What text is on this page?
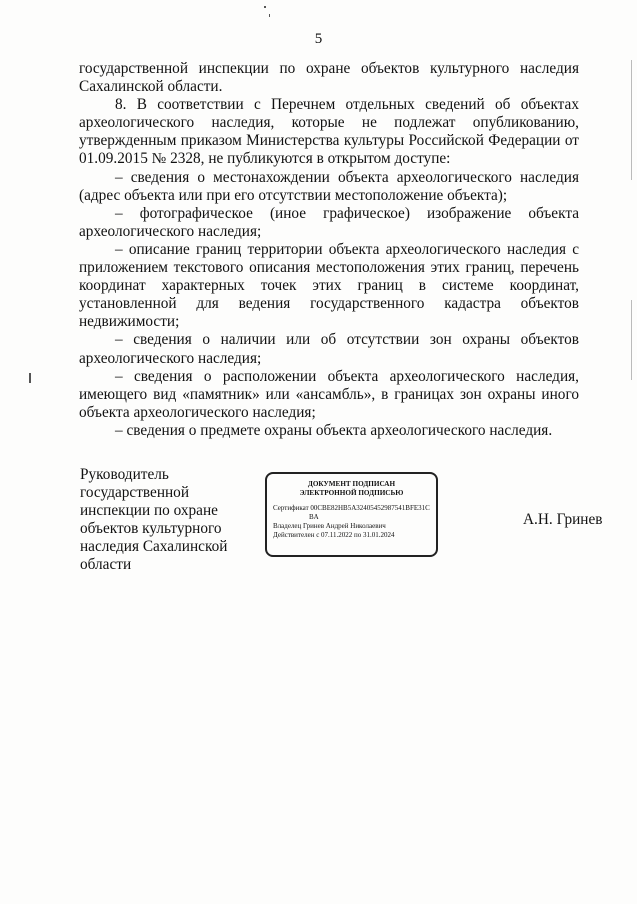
5

государственной инспекции по охране объектов культурного наследия Сахалинской области.

8. В соответствии с Перечнем отдельных сведений об объектах археологического наследия, которые не подлежат опубликованию, утвержденным приказом Министерства культуры Российской Федерации от 01.09.2015 № 2328, не публикуются в открытом доступе:

– сведения о местонахождении объекта археологического наследия (адрес объекта или при его отсутствии местоположение объекта);

– фотографическое (иное графическое) изображение объекта археологического наследия;

– описание границ территории объекта археологического наследия с приложением текстового описания местоположения этих границ, перечень координат характерных точек этих границ в системе координат, установленной для ведения государственного кадастра объектов недвижимости;

– сведения о наличии или об отсутствии зон охраны объектов археологического наследия;

– сведения о расположении объекта археологического наследия, имеющего вид «памятник» или «ансамбль», в границах зон охраны иного объекта археологического наследия;

– сведения о предмете охраны объекта археологического наследия.

Руководитель
государственной
инспекции по охране
объектов культурного
наследия Сахалинской
области
ДОКУМЕНТ ПОДПИСАН
ЭЛЕКТРОННОЙ ПОДПИСЬЮ
Сертификат 00CBE82HB5A32405452987541BFE31C
BA
Владелец Гринев Андрей Николаевич
Действителен с 07.11.2022 по 31.01.2024
А.Н. Гринев
